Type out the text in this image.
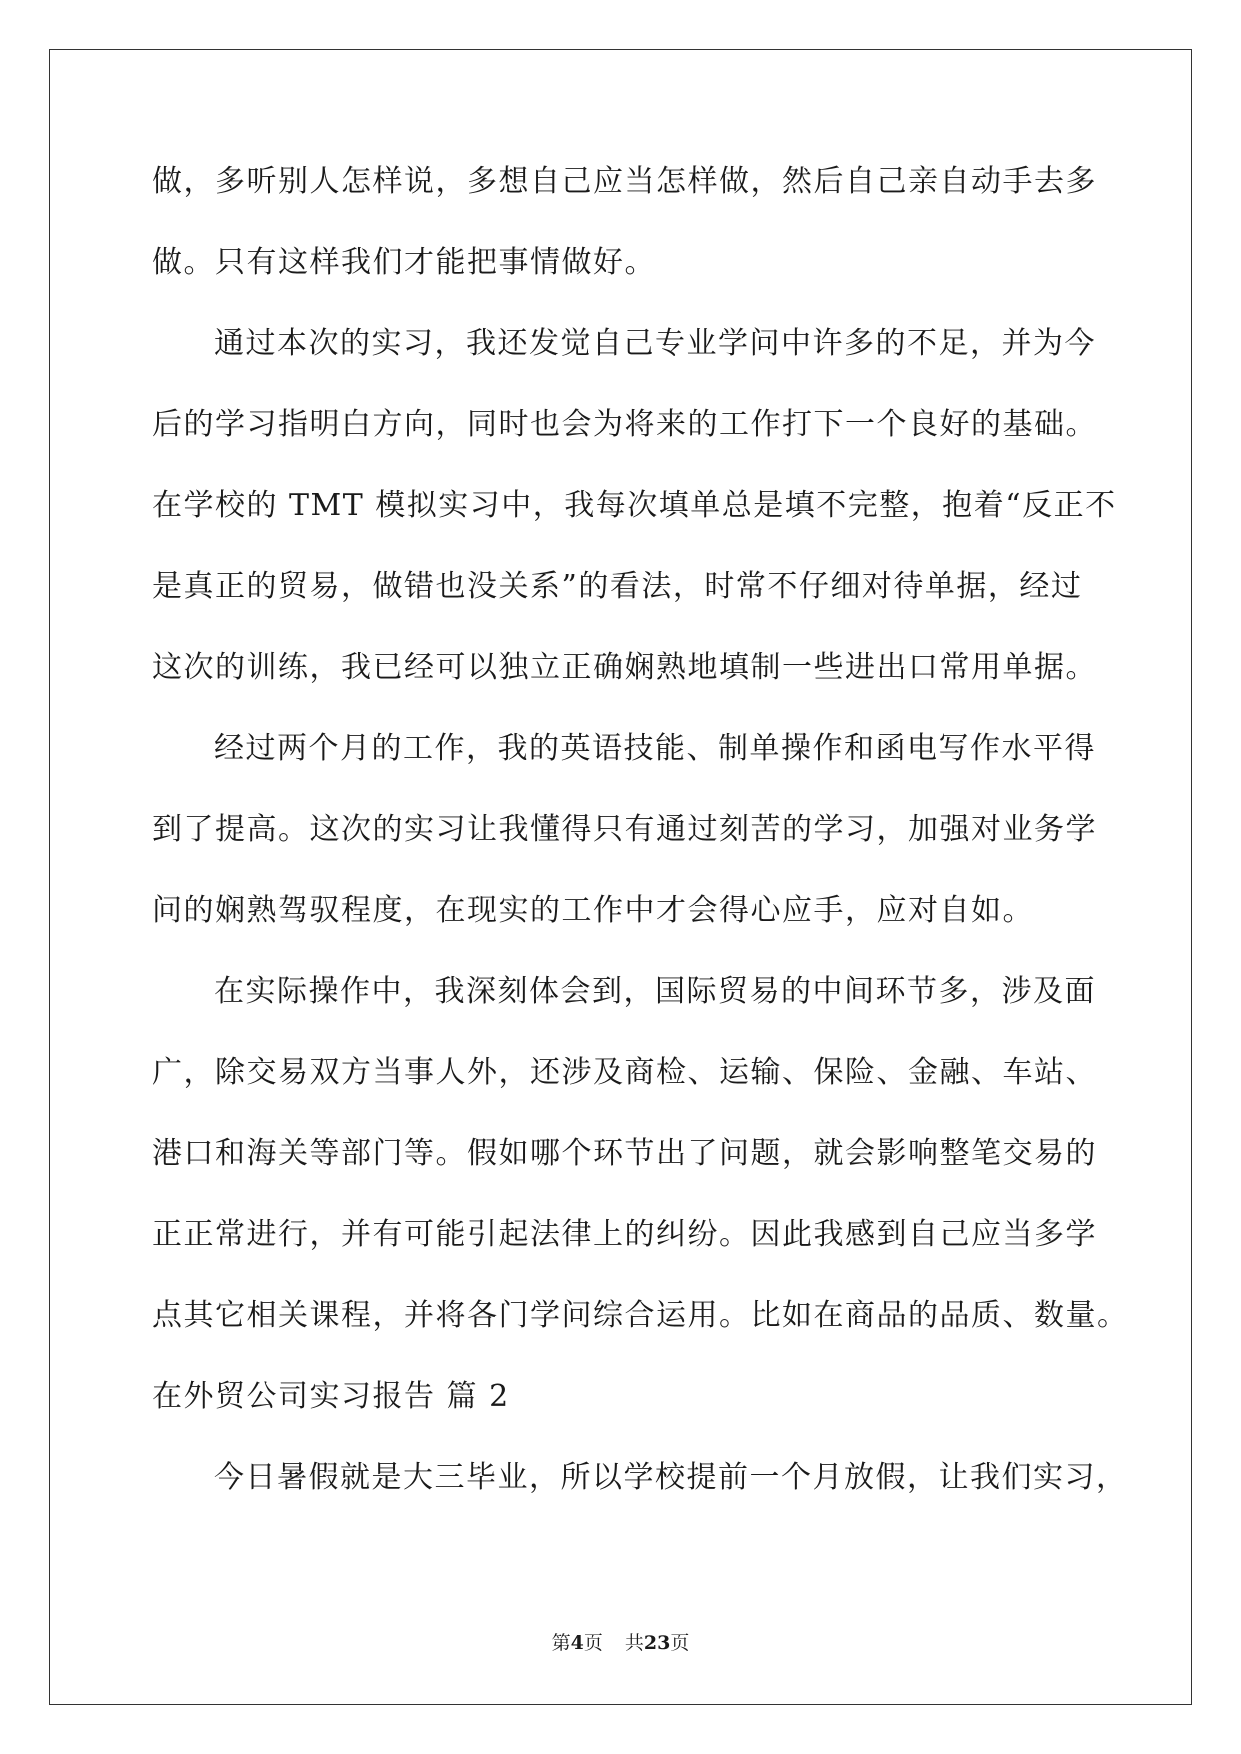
做，多听别人怎样说，多想自己应当怎样做，然后自己亲自动手去多
做。只有这样我们才能把事情做好。
通过本次的实习，我还发觉自己专业学问中许多的不足，并为今
后的学习指明白方向，同时也会为将来的工作打下一个良好的基础。
在学校的 TMT 模拟实习中，我每次填单总是填不完整，抱着“反正不
是真正的贸易，做错也没关系”的看法，时常不仔细对待单据，经过
这次的训练，我已经可以独立正确娴熟地填制一些进出口常用单据。
经过两个月的工作，我的英语技能、制单操作和函电写作水平得
到了提高。这次的实习让我懂得只有通过刻苦的学习，加强对业务学
问的娴熟驾驭程度，在现实的工作中才会得心应手，应对自如。
在实际操作中，我深刻体会到，国际贸易的中间环节多，涉及面
广，除交易双方当事人外，还涉及商检、运输、保险、金融、车站、
港口和海关等部门等。假如哪个环节出了问题，就会影响整笔交易的
正正常进行，并有可能引起法律上的纠纷。因此我感到自己应当多学
点其它相关课程，并将各门学问综合运用。比如在商品的品质、数量。
在外贸公司实习报告 篇 2
今日暑假就是大三毕业，所以学校提前一个月放假，让我们实习，
第4页 共23页
